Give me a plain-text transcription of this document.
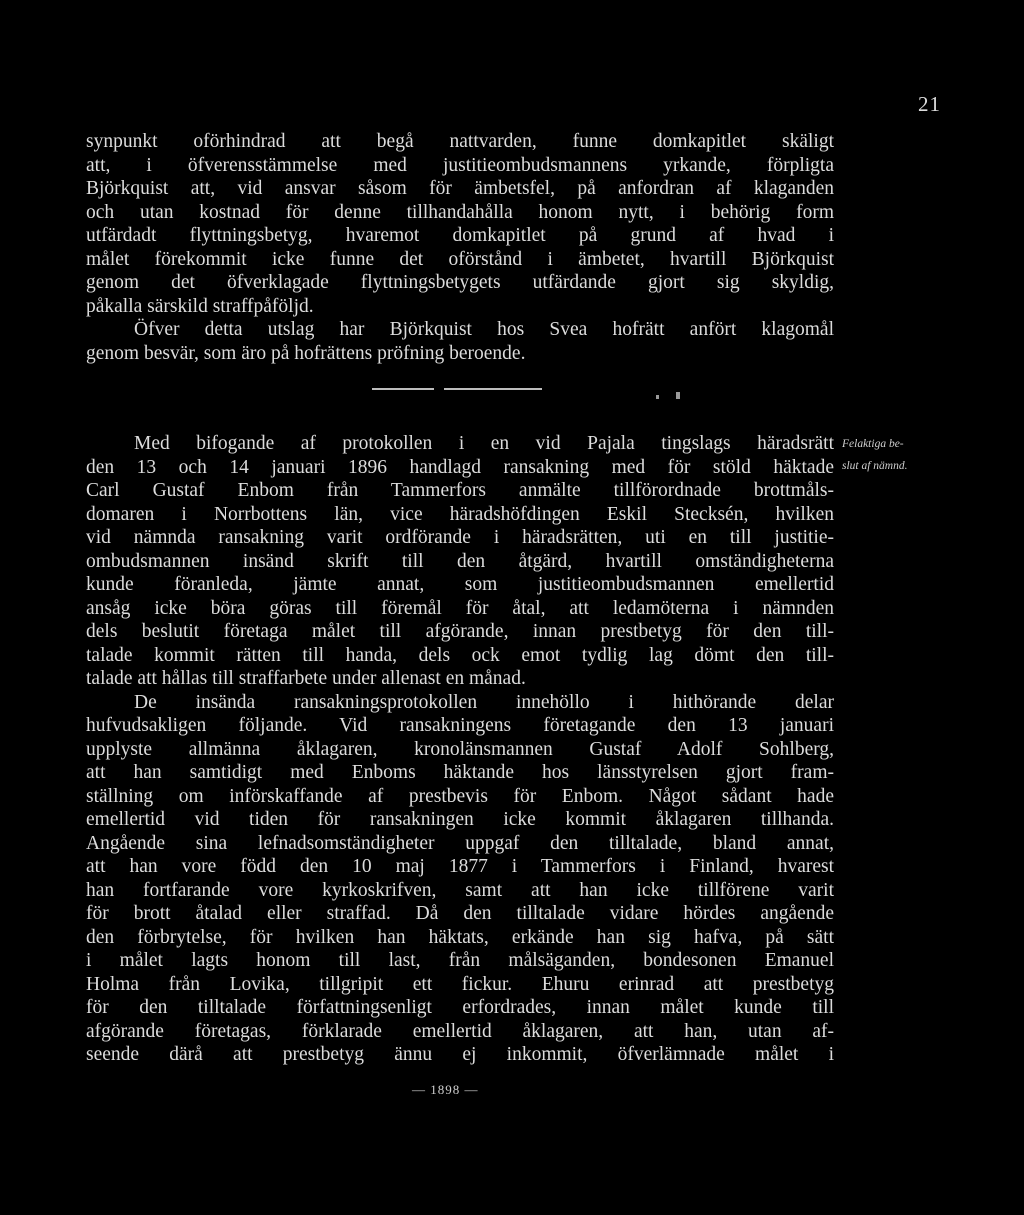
21
synpunkt oförhindrad att begå nattvarden, funne domkapitlet skäligt
att, i öfverensstämmelse med justitieombudsmannens yrkande, förpligta
Björkquist att, vid ansvar såsom för ämbetsfel, på anfordran af klaganden
och utan kostnad för denne tillhandahålla honom nytt, i behörig form
utfärdadt flyttningsbetyg, hvaremot domkapitlet på grund af hvad i
målet förekommit icke funne det oförstånd i ämbetet, hvartill Björkquist
genom det öfverklagade flyttningsbetygets utfärdande gjort sig skyldig,
påkalla särskild straffpåföljd.
Öfver detta utslag har Björkquist hos Svea hofrätt anfört klagomål
genom besvär, som äro på hofrättens pröfning beroende.
Med bifogande af protokollen i en vid Pajala tingslags häradsrätt
den 13 och 14 januari 1896 handlagd ransakning med för stöld häktade
Carl Gustaf Enbom från Tammerfors anmälte tillförordnade brottmåls-
domaren i Norrbottens län, vice häradshöfdingen Eskil Stecksén, hvilken
vid nämnda ransakning varit ordförande i häradsrätten, uti en till justitie-
ombudsmannen insänd skrift till den åtgärd, hvartill omständigheterna
kunde föranleda, jämte annat, som justitieombudsmannen emellertid
ansåg icke böra göras till föremål för åtal, att ledamöterna i nämnden
dels beslutit företaga målet till afgörande, innan prestbetyg för den till-
talade kommit rätten till handa, dels ock emot tydlig lag dömt den till-
talade att hållas till straffarbete under allenast en månad.
De insända ransakningsprotokollen innehöllo i hithörande delar
hufvudsakligen följande. Vid ransakningens företagande den 13 januari
upplyste allmänna åklagaren, kronolänsmannen Gustaf Adolf Sohlberg,
att han samtidigt med Enboms häktande hos länsstyrelsen gjort fram-
ställning om införskaffande af prestbevis för Enbom. Något sådant hade
emellertid vid tiden för ransakningen icke kommit åklagaren tillhanda.
Angående sina lefnadsomständigheter uppgaf den tilltalade, bland annat,
att han vore född den 10 maj 1877 i Tammerfors i Finland, hvarest
han fortfarande vore kyrkoskrifven, samt att han icke tillförene varit
för brott åtalad eller straffad. Då den tilltalade vidare hördes angående
den förbrytelse, för hvilken han häktats, erkände han sig hafva, på sätt
i målet lagts honom till last, från målsäganden, bondesonen Emanuel
Holma från Lovika, tillgripit ett fickur. Ehuru erinrad att prestbetyg
för den tilltalade författningsenligt erfordrades, innan målet kunde till
afgörande företagas, förklarade emellertid åklagaren, att han, utan af-
seende därå att prestbetyg ännu ej inkommit, öfverlämnade målet i
Felaktiga be-
slut af nämnd.
— 1898 —
